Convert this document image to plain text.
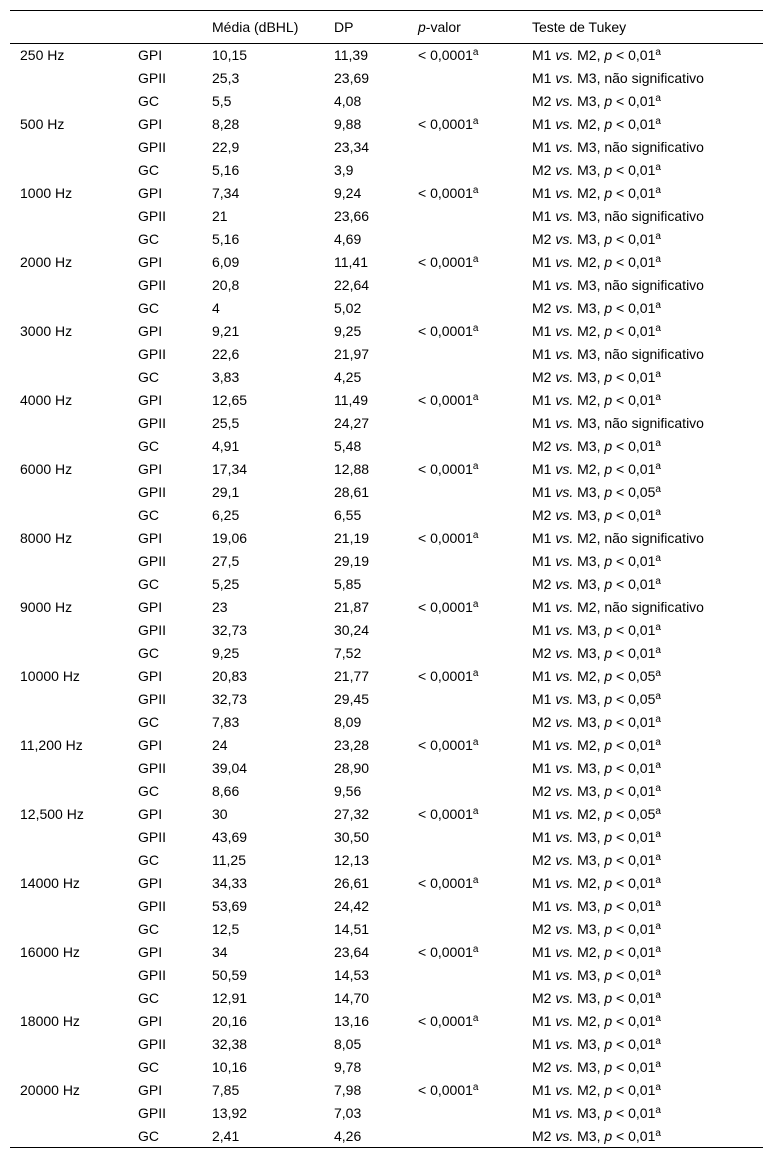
		Média (dBHL)	DP	p-valor	Teste de Tukey
250 Hz	GPI	10,15	11,39	< 0,0001$^a$	M1 vs. M2, p < 0,01$^a$
	GPII	25,3	23,69		M1 vs. M3, não significativo
	GC	5,5	4,08		M2 vs. M3, p < 0,01$^a$
500 Hz	GPI	8,28	9,88	< 0,0001$^a$	M1 vs. M2, p < 0,01$^a$
	GPII	22,9	23,34		M1 vs. M3, não significativo
	GC	5,16	3,9		M2 vs. M3, p < 0,01$^a$
1000 Hz	GPI	7,34	9,24	< 0,0001$^a$	M1 vs. M2, p < 0,01$^a$
	GPII	21	23,66		M1 vs. M3, não significativo
	GC	5,16	4,69		M2 vs. M3, p < 0,01$^a$
2000 Hz	GPI	6,09	11,41	< 0,0001$^a$	M1 vs. M2, p < 0,01$^a$
	GPII	20,8	22,64		M1 vs. M3, não significativo
	GC	4	5,02		M2 vs. M3, p < 0,01$^a$
3000 Hz	GPI	9,21	9,25	< 0,0001$^a$	M1 vs. M2, p < 0,01$^a$
	GPII	22,6	21,97		M1 vs. M3, não significativo
	GC	3,83	4,25		M2 vs. M3, p < 0,01$^a$
4000 Hz	GPI	12,65	11,49	< 0,0001$^a$	M1 vs. M2, p < 0,01$^a$
	GPII	25,5	24,27		M1 vs. M3, não significativo
	GC	4,91	5,48		M2 vs. M3, p < 0,01$^a$
6000 Hz	GPI	17,34	12,88	< 0,0001$^a$	M1 vs. M2, p < 0,01$^a$
	GPII	29,1	28,61		M1 vs. M3, p < 0,05$^a$
	GC	6,25	6,55		M2 vs. M3, p < 0,01$^a$
8000 Hz	GPI	19,06	21,19	< 0,0001$^a$	M1 vs. M2, não significativo
	GPII	27,5	29,19		M1 vs. M3, p < 0,01$^a$
	GC	5,25	5,85		M2 vs. M3, p < 0,01$^a$
9000 Hz	GPI	23	21,87	< 0,0001$^a$	M1 vs. M2, não significativo
	GPII	32,73	30,24		M1 vs. M3, p < 0,01$^a$
	GC	9,25	7,52		M2 vs. M3, p < 0,01$^a$
10000 Hz	GPI	20,83	21,77	< 0,0001$^a$	M1 vs. M2, p < 0,05$^a$
	GPII	32,73	29,45		M1 vs. M3, p < 0,05$^a$
	GC	7,83	8,09		M2 vs. M3, p < 0,01$^a$
11,200 Hz	GPI	24	23,28	< 0,0001$^a$	M1 vs. M2, p < 0,01$^a$
	GPII	39,04	28,90		M1 vs. M3, p < 0,01$^a$
	GC	8,66	9,56		M2 vs. M3, p < 0,01$^a$
12,500 Hz	GPI	30	27,32	< 0,0001$^a$	M1 vs. M2, p < 0,05$^a$
	GPII	43,69	30,50		M1 vs. M3, p < 0,01$^a$
	GC	11,25	12,13		M2 vs. M3, p < 0,01$^a$
14000 Hz	GPI	34,33	26,61	< 0,0001$^a$	M1 vs. M2, p < 0,01$^a$
	GPII	53,69	24,42		M1 vs. M3, p < 0,01$^a$
	GC	12,5	14,51		M2 vs. M3, p < 0,01$^a$
16000 Hz	GPI	34	23,64	< 0,0001$^a$	M1 vs. M2, p < 0,01$^a$
	GPII	50,59	14,53		M1 vs. M3, p < 0,01$^a$
	GC	12,91	14,70		M2 vs. M3, p < 0,01$^a$
18000 Hz	GPI	20,16	13,16	< 0,0001$^a$	M1 vs. M2, p < 0,01$^a$
	GPII	32,38	8,05		M1 vs. M3, p < 0,01$^a$
	GC	10,16	9,78		M2 vs. M3, p < 0,01$^a$
20000 Hz	GPI	7,85	7,98	< 0,0001$^a$	M1 vs. M2, p < 0,01$^a$
	GPII	13,92	7,03		M1 vs. M3, p < 0,01$^a$
	GC	2,41	4,26		M2 vs. M3, p < 0,01$^a$
